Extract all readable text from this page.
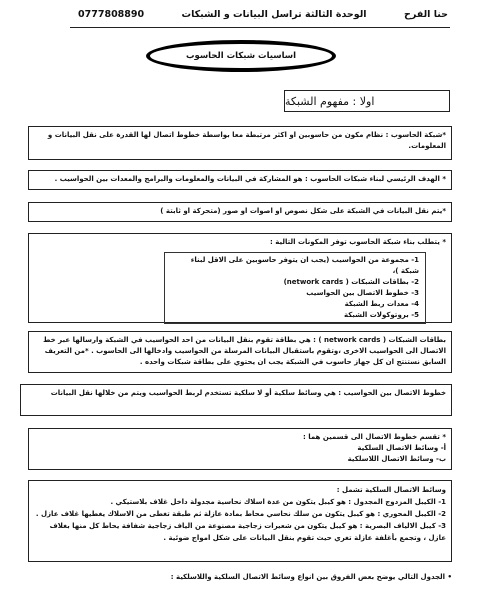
حنا الفرح
الوحدة الثالثة تراسل البيانات و الشبكات
0777808890
اساسيات شبكات الحاسوب
اولا : مفهوم الشبكة
*شبكة الحاسوب : نظام مكون من حاسوبين او اكثر مرتبطة معا بواسطة خطوط اتصال لها القدرة على نقل البيانات و المعلومات.
* الهدف الرئيسي لبناء شبكات الحاسوب : هو المشاركة في البيانات والمعلومات والبرامج والمعدات بين الحواسيب .
*يتم نقل البيانات في الشبكة على شكل نصوص او اصوات او صور (متحركة او ثابتة )
* يتطلب بناء شبكة الحاسوب توفر المكونات التالية :
1- مجموعة من الحواسيب (يجب ان يتوفر حاسوبين على الاقل لبناء شبكة )،
2- بطاقات الشبكات ( network cards)
3- خطوط الاتصال بين الحواسيب
4- معدات ربط الشبكة
5- بروتوكولات الشبكة
بطاقات الشبكات ( network cards ) : هي بطاقة تقوم بنقل البيانات من احد الحواسيب في الشبكة وارسالها عبر خط الاتصال الى الحواسيب الاخرى ،وتقوم باستقبال البيانات المرسلة من الحواسيب وادخالها الى الحاسوب . *من التعريف السابق نستنتج ان كل جهاز حاسوب في الشبكة يجب ان يحتوي على بطاقة شبكات واحده .
خطوط الاتصال بين الحواسيب : هي وسائط سلكية أو لا سلكية تستخدم لربط الحواسيب ويتم من خلالها نقل البيانات
* تقسم خطوط الاتصال الى قسمين هما :
أ- وسائط الاتصال السلكية
ب- وسائط الاتصال اللاسلكية
وسائط الاتصال السلكية تشمل :
1- الكيبل المزدوج المجدول : هو كيبل يتكون من عدة اسلاك نحاسية مجدولة داخل غلاف بلاستيكي .
2- الكيبل المحوري : هو كيبل يتكون من سلك نحاسي محاط بمادة عازلة ثم طبقة تغطى من الاسلاك يغطيها غلاف عازل .
3- كيبل الالياف البصرية : هو كيبل يتكون من شعيرات زجاجية مصنوعة من الياف زجاجية شفافة يحاط كل منها بغلاف عازل ، وتجمع بأغلفة عازلة تغري حيث تقوم بنقل البيانات على شكل امواج ضوئية .
• الجدول التالي يوضح بعض الفروق بين انواع وسائط الاتصال السلكية واللاسلكية :
